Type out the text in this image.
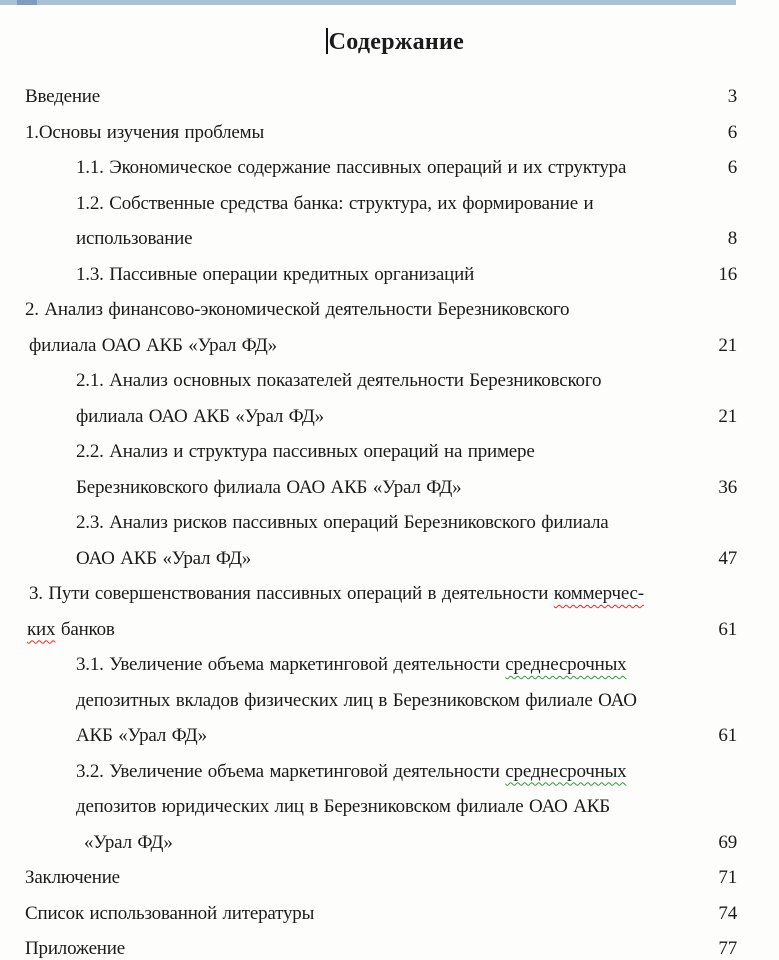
Содержание

Введение	3
1.Основы изучения проблемы	6
1.1. Экономическое содержание пассивных операций и их структура	6
1.2. Собственные средства банка: структура, их формирование и
использование	8
1.3. Пассивные операции кредитных организаций	16
2. Анализ финансово-экономической деятельности Березниковского
филиала ОАО АКБ «Урал ФД»	21
2.1. Анализ основных показателей деятельности Березниковского
филиала ОАО АКБ «Урал ФД»	21
2.2. Анализ и структура пассивных операций на примере
Березниковского филиала ОАО АКБ «Урал ФД»	36
2.3. Анализ рисков пассивных операций Березниковского филиала
ОАО АКБ «Урал ФД»	47
3. Пути совершенствования пассивных операций в деятельности коммерчес-
ких банков	61
3.1. Увеличение объема маркетинговой деятельности среднесрочных
депозитных вкладов физических лиц в Березниковском филиале ОАО
АКБ «Урал ФД»	61
3.2. Увеличение объема маркетинговой деятельности среднесрочных
депозитов юридических лиц в Березниковском филиале ОАО АКБ
«Урал ФД»	69
Заключение	71
Список использованной литературы	74
Приложение	77
